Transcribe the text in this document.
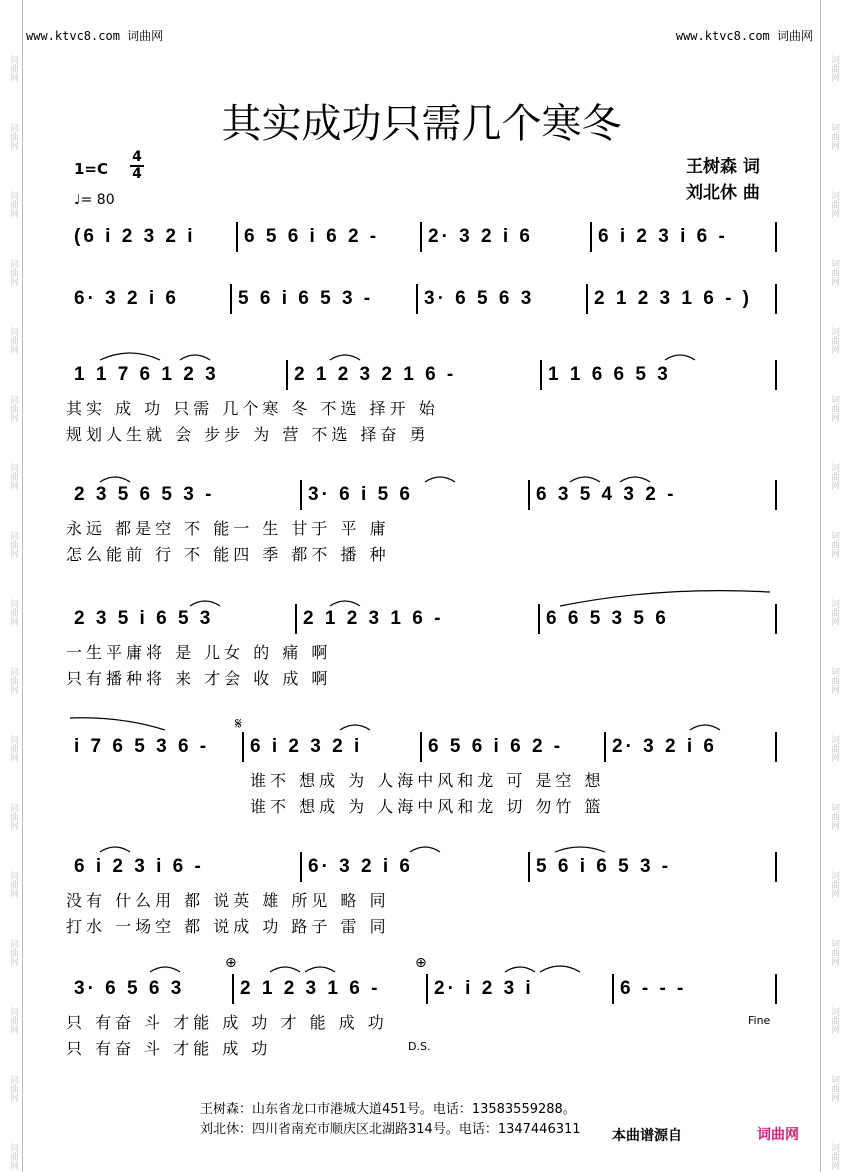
词曲网
词曲网
词曲网
词曲网
词曲网
词曲网
词曲网
词曲网
词曲网
词曲网
词曲网
词曲网
词曲网
词曲网
词曲网
词曲网
词曲网
词曲网
词曲网
词曲网
词曲网
词曲网
词曲网
词曲网
词曲网
词曲网
词曲网
词曲网
词曲网
词曲网
词曲网
词曲网
词曲网
词曲网
www.ktvc8.com 词曲网	www.ktvc8.com 词曲网
其实成功只需几个寒冬
1=C
4
4
♩= 80
王树森 词
刘北休 曲
(6 i 2 3 2 i	6 5 6 i 6 2 -	2· 3 2 i 6	6 i 2 3 i 6 -
6· 3 2 i 6	5 6 i 6 5 3 -	3· 6 5 6 3	2 1 2 3 1 6 - )
1 1 7 6 1 2 3	2 1 2 3 2 1 6 -	1 1 6 6 5 3
其实 成 功 只需 几个寒 冬 不选 择开 始
规划人生就 会 步步 为 营 不选 择奋 勇
2 3 5 6 5 3 -	3· 6 i 5 6	6 3 5 4 3 2 -
永远 都是空 不 能一 生 甘于 平 庸
怎么能前 行 不 能四 季 都不 播 种
2 3 5 i 6 5 3	2 1 2 3 1 6 -	6 6 5 3 5 6
一生平庸将 是 儿女 的 痛 啊
只有播种将 来 才会 收 成 啊
i 7 6 5 3 6 - 6 i 2 3 2 i	6 5 6 i 6 2 -	2· 3 2 i 6
谁不 想成 为 人海中风和龙 可 是空 想
谁不 想成 为 人海中风和龙 切 勿竹 篮
6 i 2 3 i 6 -	6· 3 2 i 6	5 6 i 6 5 3 -
没有 什么用 都 说英 雄 所见 略 同
打水 一场空 都 说成 功 路子 雷 同
3· 6 5 6 3	2 1 2 3 1 6 -	2· i 2 3 i	6 - - -
只 有奋 斗 才能 成 功 才 能 成 功
只 有奋 斗 才能 成 功
𝄋
⊕	⊕
Fine
D.S.
王树森：山东省龙口市港城大道451号。电话：13583559288。
刘北休：四川省南充市顺庆区北湖路314号。电话：1347446311 本曲谱源自	词曲网
